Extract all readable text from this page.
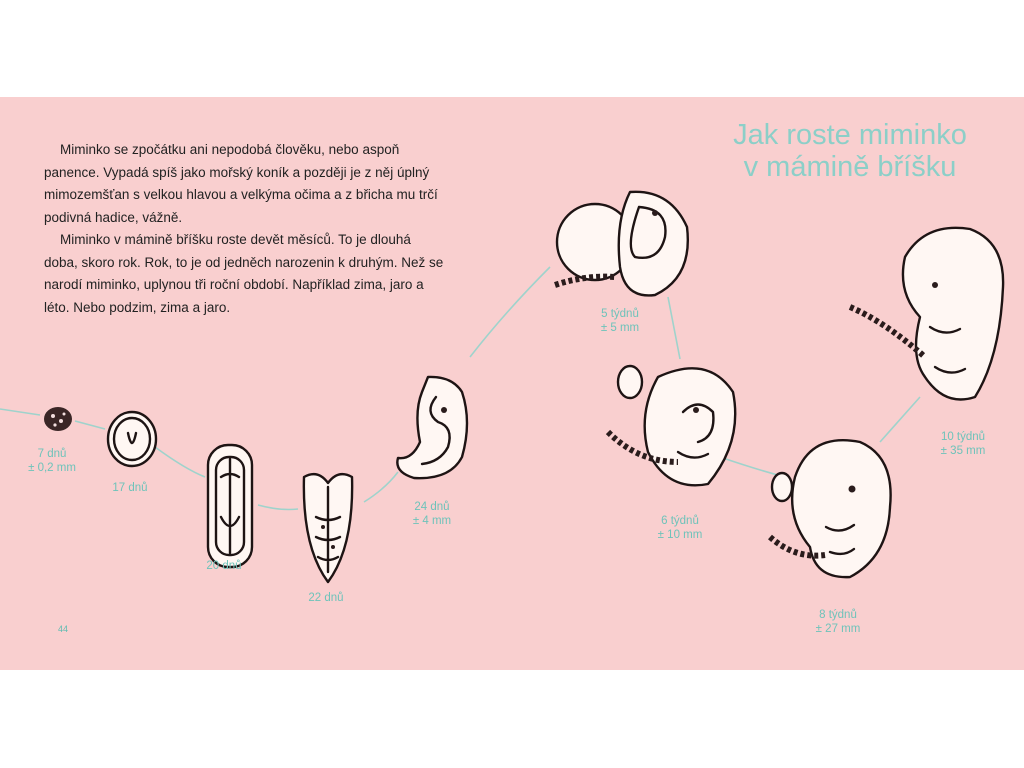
Jak roste miminko
v mámině bříšku

Miminko se zpočátku ani nepodobá člověku, nebo aspoň panence. Vypadá spíš jako mořský koník a později je z něj úplný mimozemšťan s velkou hlavou a velkýma očima a z břicha mu trčí podivná hadice, vážně.

Miminko v mámině bříšku roste devět měsíců. To je dlouhá doba, skoro rok. Rok, to je od jedněch narozenin k druhým. Než se narodí miminko, uplynou tři roční období. Například zima, jaro a léto. Nebo podzim, zima a jaro.

7 dnů
± 0,2 mm
17 dnů
20 dnů
22 dnů
24 dnů
± 4 mm
5 týdnů
± 5 mm
6 týdnů
± 10 mm
8 týdnů
± 27 mm
10 týdnů
± 35 mm
44
